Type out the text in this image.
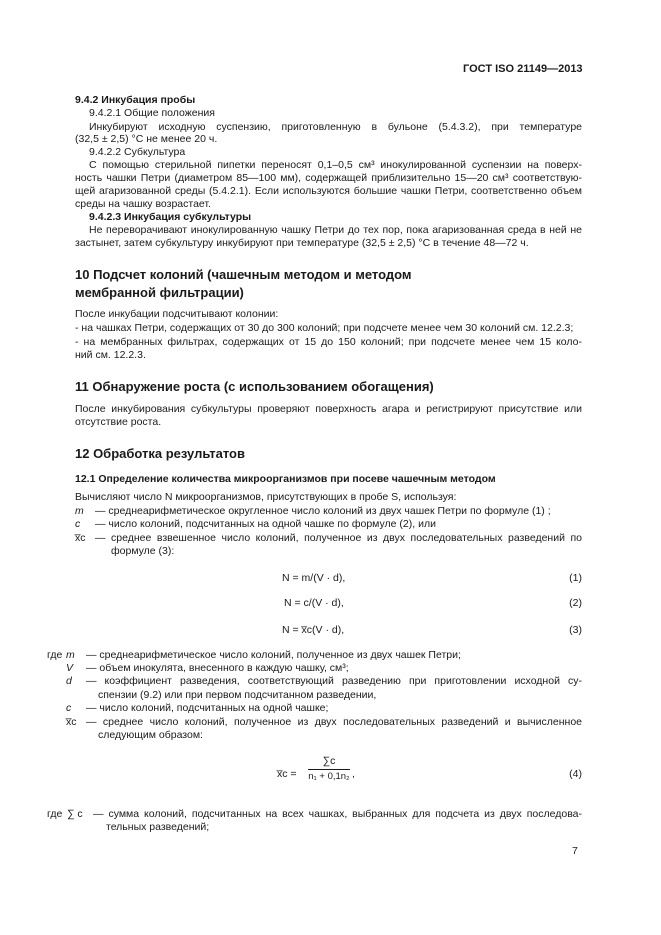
ГОСТ ISO 21149—2013
9.4.2 Инкубация пробы
9.4.2.1 Общие положения
Инкубируют исходную суспензию, приготовленную в бульоне (5.4.3.2), при температуре
(32,5 ± 2,5) °С не менее 20 ч.
9.4.2.2 Субкультура
С помощью стерильной пипетки переносят 0,1–0,5 см³ инокулированной суспензии на поверх-
ность чашки Петри (диаметром 85—100 мм), содержащей приблизительно 15—20 см³ соответствую-
щей агаризованной среды (5.4.2.1). Если используются большие чашки Петри, соответственно объем
среды на чашку возрастает.
9.4.2.3 Инкубация субкультуры
Не переворачивают инокулированную чашку Петри до тех пор, пока агаризованная среда в ней не
застынет, затем субкультуру инкубируют при температуре (32,5 ± 2,5) °С в течение 48—72 ч.
10 Подсчет колоний (чашечным методом и методом
мембранной фильтрации)
После инкубации подсчитывают колонии:
- на чашках Петри, содержащих от 30 до 300 колоний; при подсчете менее чем 30 колоний см. 12.2.3;
- на мембранных фильтрах, содержащих от 15 до 150 колоний; при подсчете менее чем 15 коло-
ний см. 12.2.3.
11 Обнаружение роста (с использованием обогащения)
После инкубирования субкультуры проверяют поверхность агара и регистрируют присутствие или
отсутствие роста.
12 Обработка результатов
12.1 Определение количества микроорганизмов при посеве чашечным методом
Вычисляют число N микроорганизмов, присутствующих в пробе S, используя:
m — среднеарифметическое округленное число колоний из двух чашек Петри по формуле (1) ;
c — число колоний, подсчитанных на одной чашке по формуле (2), или
x̅c — среднее взвешенное число колоний, полученное из двух последовательных разведений по
формуле (3):
N = m/(V · d),	(1)
N = c/(V · d),	(2)
N = x̅c(V · d),	(3)
где m — среднеарифметическое число колоний, полученное из двух чашек Петри;
V — объем инокулята, внесенного в каждую чашку, см³;
d — коэффициент разведения, соответствующий разведению при приготовлении исходной су-
спензии (9.2) или при первом подсчитанном разведении,
c — число колоний, подсчитанных на одной чашке;
x̅c — среднее число колоний, полученное из двух последовательных разведений и вычисленное
следующим образом:
x̅c =
∑c
n₁ + 0,1n₂ ,	(4)
где ∑ c — сумма колоний, подсчитанных на всех чашках, выбранных для подсчета из двух последова-
тельных разведений;
7
